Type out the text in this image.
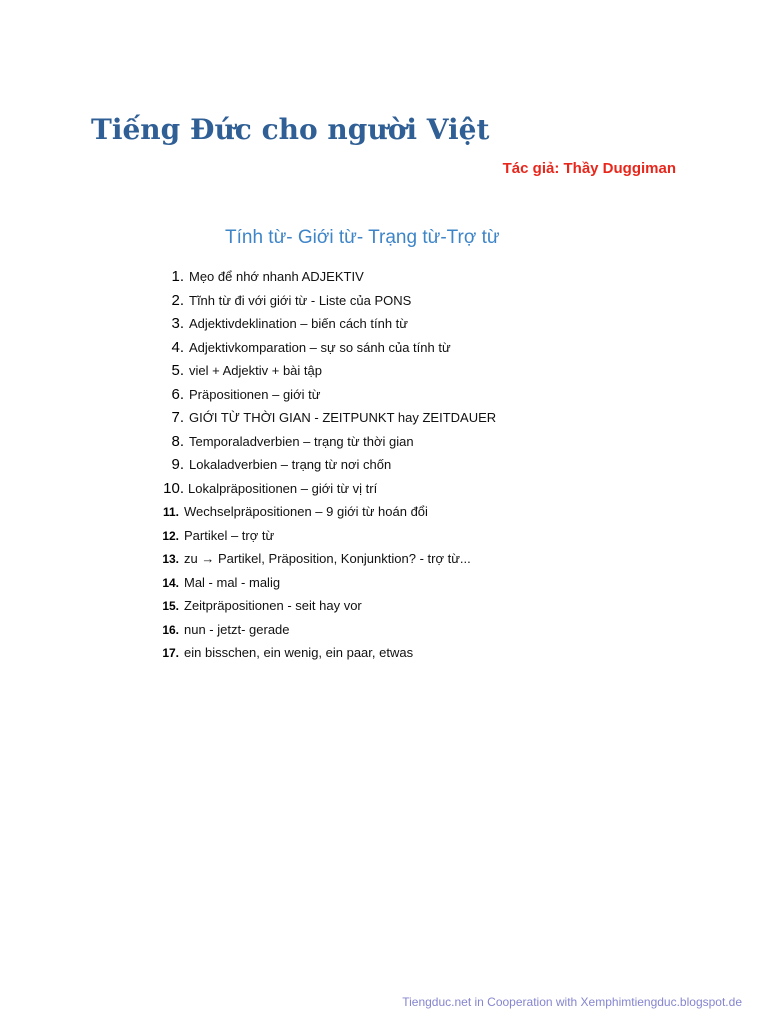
Tiếng Đức cho người Việt
Tác giả: Thầy Duggiman
Tính từ- Giới từ- Trạng từ-Trợ từ
1. Mẹo để nhớ nhanh ADJEKTIV
2. Tĩnh từ đi với giới từ - Liste của PONS
3. Adjektivdeklination – biến cách tính từ
4. Adjektivkomparation – sự so sánh của tính từ
5. viel + Adjektiv + bài tập
6. Präpositionen – giới từ
7. GIỚI TỪ THỜI GIAN - ZEITPUNKT hay ZEITDAUER
8. Temporaladverbien – trạng từ thời gian
9. Lokaladverbien – trạng từ nơi chốn
10. Lokalpräpositionen – giới từ vị trí
11. Wechselpräpositionen – 9 giới từ hoán đổi
12. Partikel – trợ từ
13. zu → Partikel, Präposition, Konjunktion? - trợ từ...
14. Mal - mal - malig
15. Zeitpräpositionen - seit hay vor
16. nun - jetzt- gerade
17. ein bisschen, ein wenig, ein paar, etwas
Tiengduc.net in Cooperation with Xemphimtiengduc.blogspot.de
